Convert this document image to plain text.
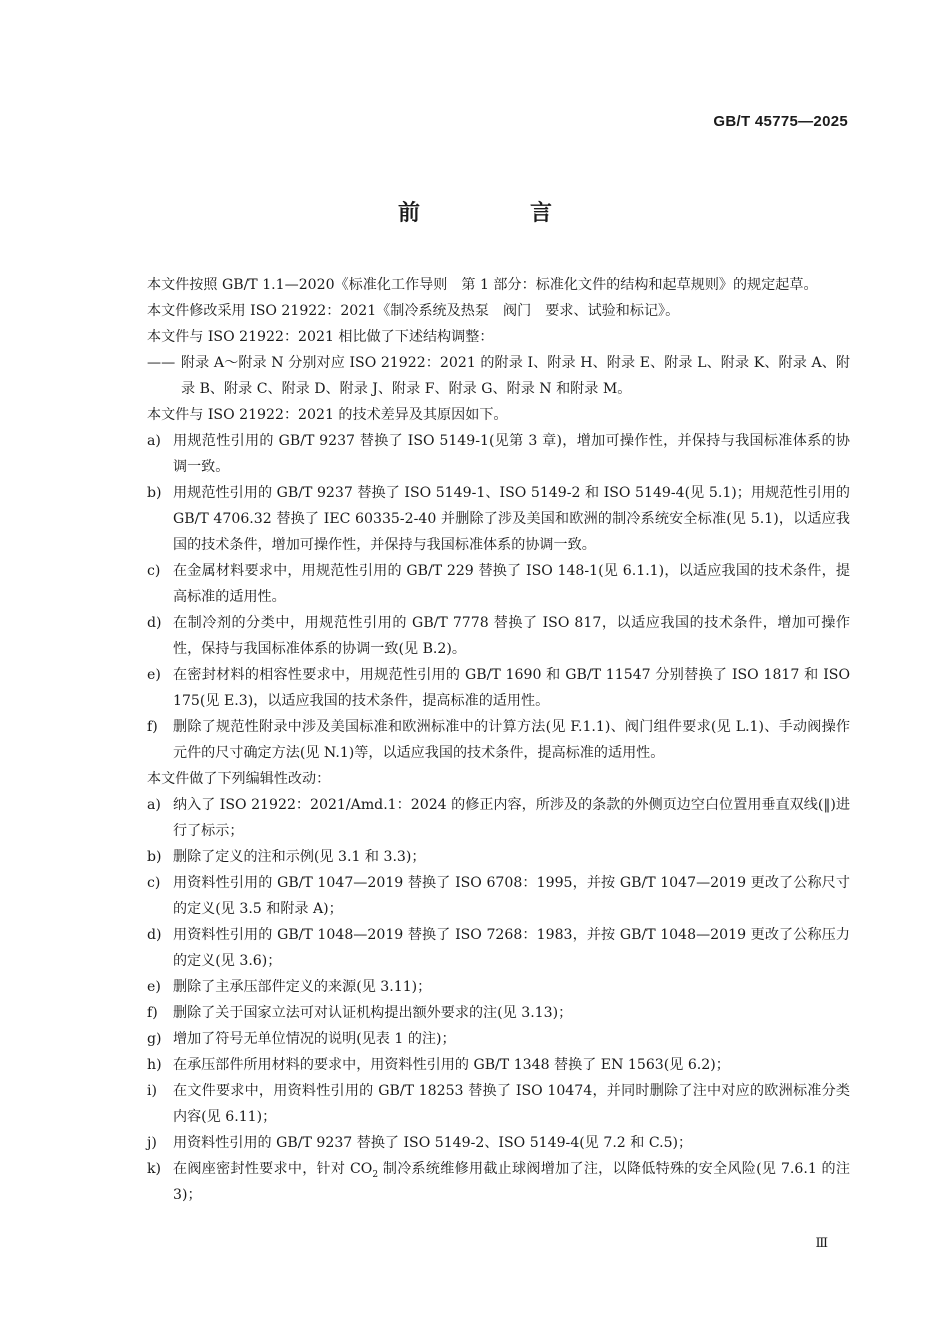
GB/T 45775—2025
前　言

本文件按照 GB/T 1.1—2020《标准化工作导则　第 1 部分：标准化文件的结构和起草规则》的规定起草。

本文件修改采用 ISO 21922：2021《制冷系统及热泵　阀门　要求、试验和标记》。

本文件与 ISO 21922：2021 相比做了下述结构调整：

—— 附录 A～附录 N 分别对应 ISO 21922：2021 的附录 I、附录 H、附录 E、附录 L、附录 K、附录 A、附录 B、附录 C、附录 D、附录 J、附录 F、附录 G、附录 N 和附录 M。

本文件与 ISO 21922：2021 的技术差异及其原因如下。

a) 用规范性引用的 GB/T 9237 替换了 ISO 5149-1(见第 3 章)，增加可操作性，并保持与我国标准体系的协调一致。
b) 用规范性引用的 GB/T 9237 替换了 ISO 5149-1、ISO 5149-2 和 ISO 5149-4(见 5.1)；用规范性引用的 GB/T 4706.32 替换了 IEC 60335-2-40 并删除了涉及美国和欧洲的制冷系统安全标准(见 5.1)，以适应我国的技术条件，增加可操作性，并保持与我国标准体系的协调一致。
c) 在金属材料要求中，用规范性引用的 GB/T 229 替换了 ISO 148-1(见 6.1.1)，以适应我国的技术条件，提高标准的适用性。
d) 在制冷剂的分类中，用规范性引用的 GB/T 7778 替换了 ISO 817，以适应我国的技术条件，增加可操作性，保持与我国标准体系的协调一致(见 B.2)。
e) 在密封材料的相容性要求中，用规范性引用的 GB/T 1690 和 GB/T 11547 分别替换了 ISO 1817 和 ISO 175(见 E.3)，以适应我国的技术条件，提高标准的适用性。
f) 删除了规范性附录中涉及美国标准和欧洲标准中的计算方法(见 F.1.1)、阀门组件要求(见 L.1)、手动阀操作元件的尺寸确定方法(见 N.1)等，以适应我国的技术条件，提高标准的适用性。

本文件做了下列编辑性改动：

a) 纳入了 ISO 21922：2021/Amd.1：2024 的修正内容，所涉及的条款的外侧页边空白位置用垂直双线(‖)进行了标示；
b) 删除了定义的注和示例(见 3.1 和 3.3)；
c) 用资料性引用的 GB/T 1047—2019 替换了 ISO 6708：1995，并按 GB/T 1047—2019 更改了公称尺寸的定义(见 3.5 和附录 A)；
d) 用资料性引用的 GB/T 1048—2019 替换了 ISO 7268：1983，并按 GB/T 1048—2019 更改了公称压力的定义(见 3.6)；
e) 删除了主承压部件定义的来源(见 3.11)；
f) 删除了关于国家立法可对认证机构提出额外要求的注(见 3.13)；
g) 增加了符号无单位情况的说明(见表 1 的注)；
h) 在承压部件所用材料的要求中，用资料性引用的 GB/T 1348 替换了 EN 1563(见 6.2)；
i) 在文件要求中，用资料性引用的 GB/T 18253 替换了 ISO 10474，并同时删除了注中对应的欧洲标准分类内容(见 6.11)；
j) 用资料性引用的 GB/T 9237 替换了 ISO 5149-2、ISO 5149-4(见 7.2 和 C.5)；
k) 在阀座密封性要求中，针对 $CO_2$ 制冷系统维修用截止球阀增加了注，以降低特殊的安全风险(见 7.6.1 的注 3)；
Ⅲ
